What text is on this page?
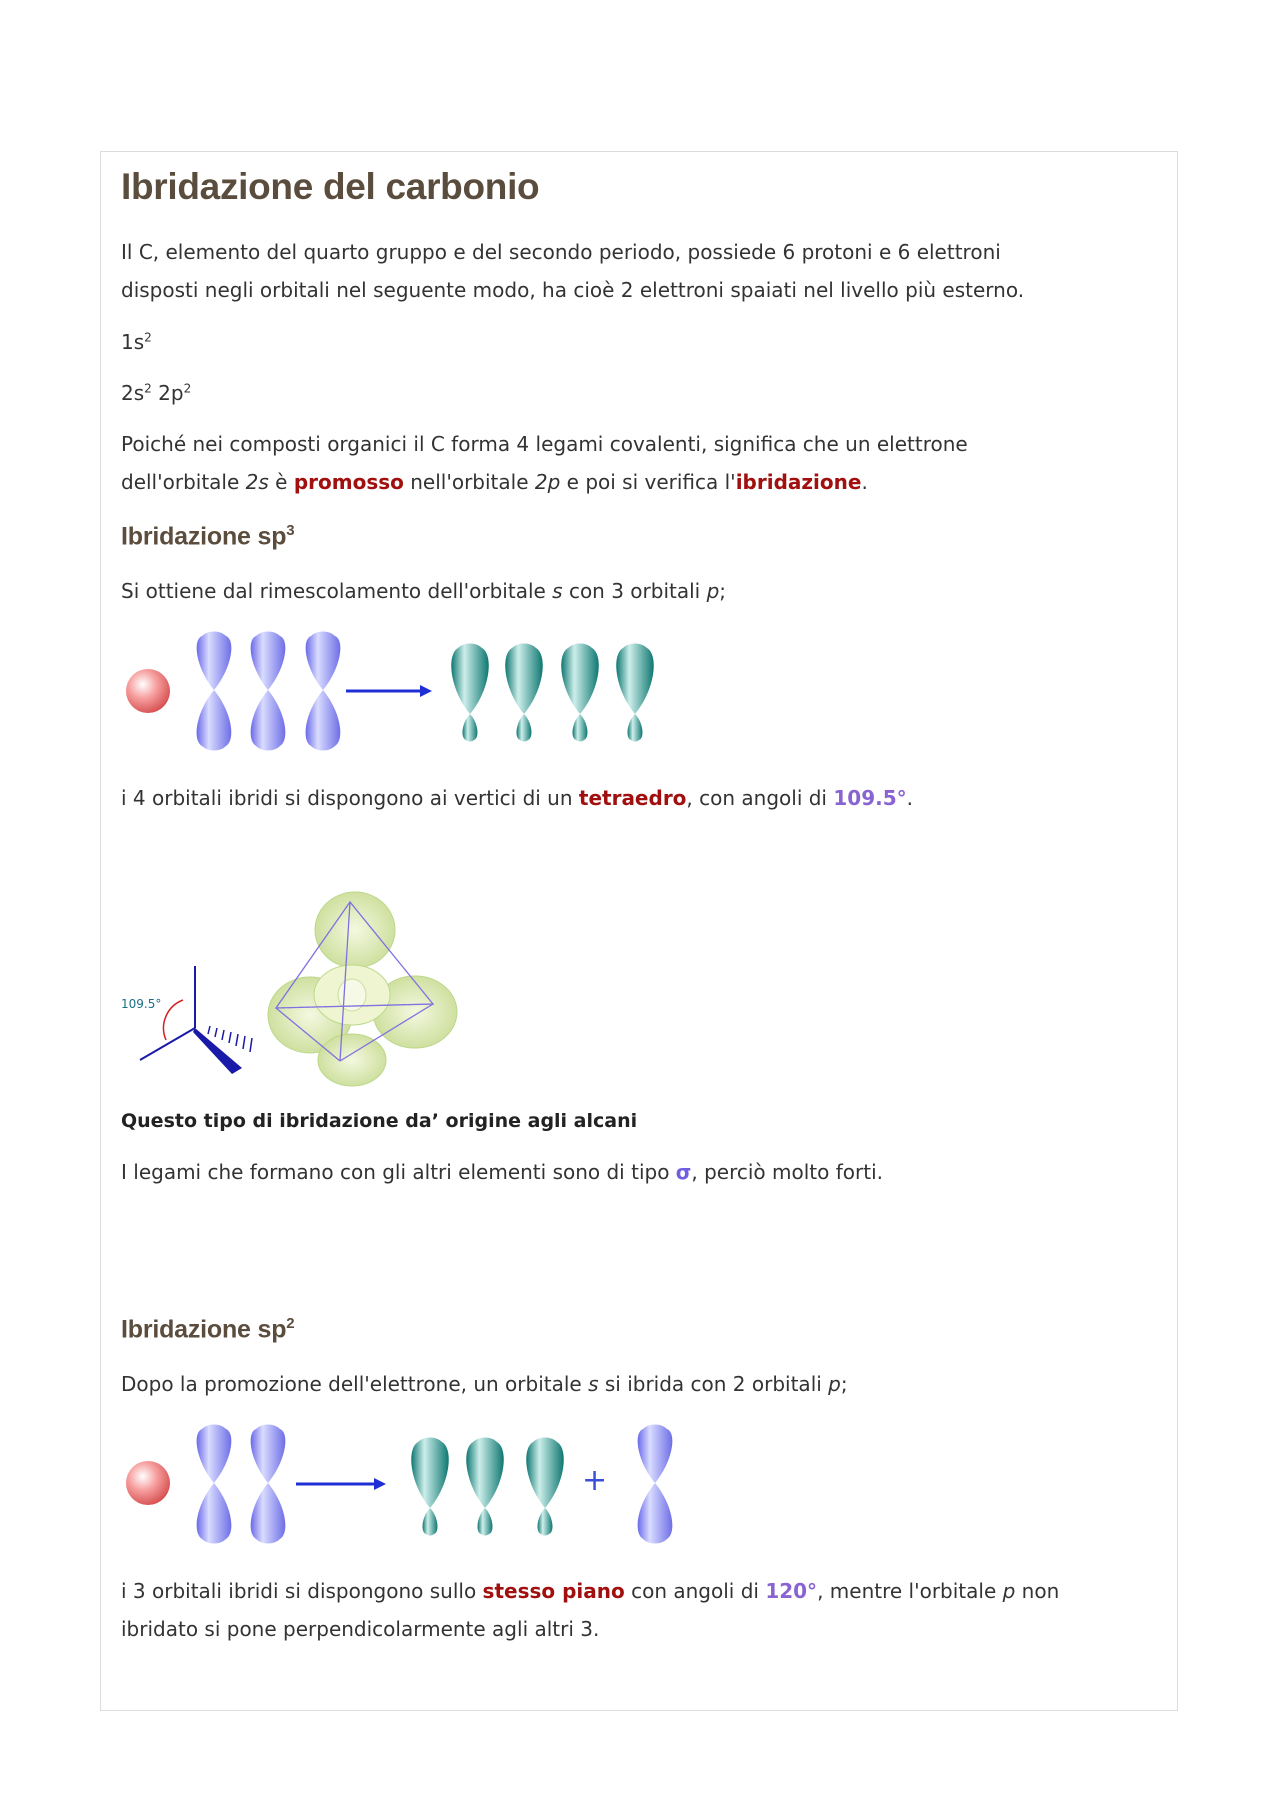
Ibridazione del carbonio

Il C, elemento del quarto gruppo e del secondo periodo, possiede 6 protoni e 6 elettroni

disposti negli orbitali nel seguente modo, ha cioè 2 elettroni spaiati nel livello più esterno.

$1s^2$

$2s^2$ $2p^2$

Poiché nei composti organici il C forma 4 legami covalenti, significa che un elettrone

dell'orbitale 2s è promosso nell'orbitale 2p e poi si verifica l'ibridazione.

Ibridazione $sp^3$

Si ottiene dal rimescolamento dell'orbitale s con 3 orbitali p;

109.5°
+

i 4 orbitali ibridi si dispongono ai vertici di un tetraedro, con angoli di 109.5°.

Questo tipo di ibridazione da’ origine agli alcani

I legami che formano con gli altri elementi sono di tipo σ, perciò molto forti.

Ibridazione $sp^2$

Dopo la promozione dell'elettrone, un orbitale s si ibrida con 2 orbitali p;

i 3 orbitali ibridi si dispongono sullo stesso piano con angoli di 120°, mentre l'orbitale p non

ibridato si pone perpendicolarmente agli altri 3.
